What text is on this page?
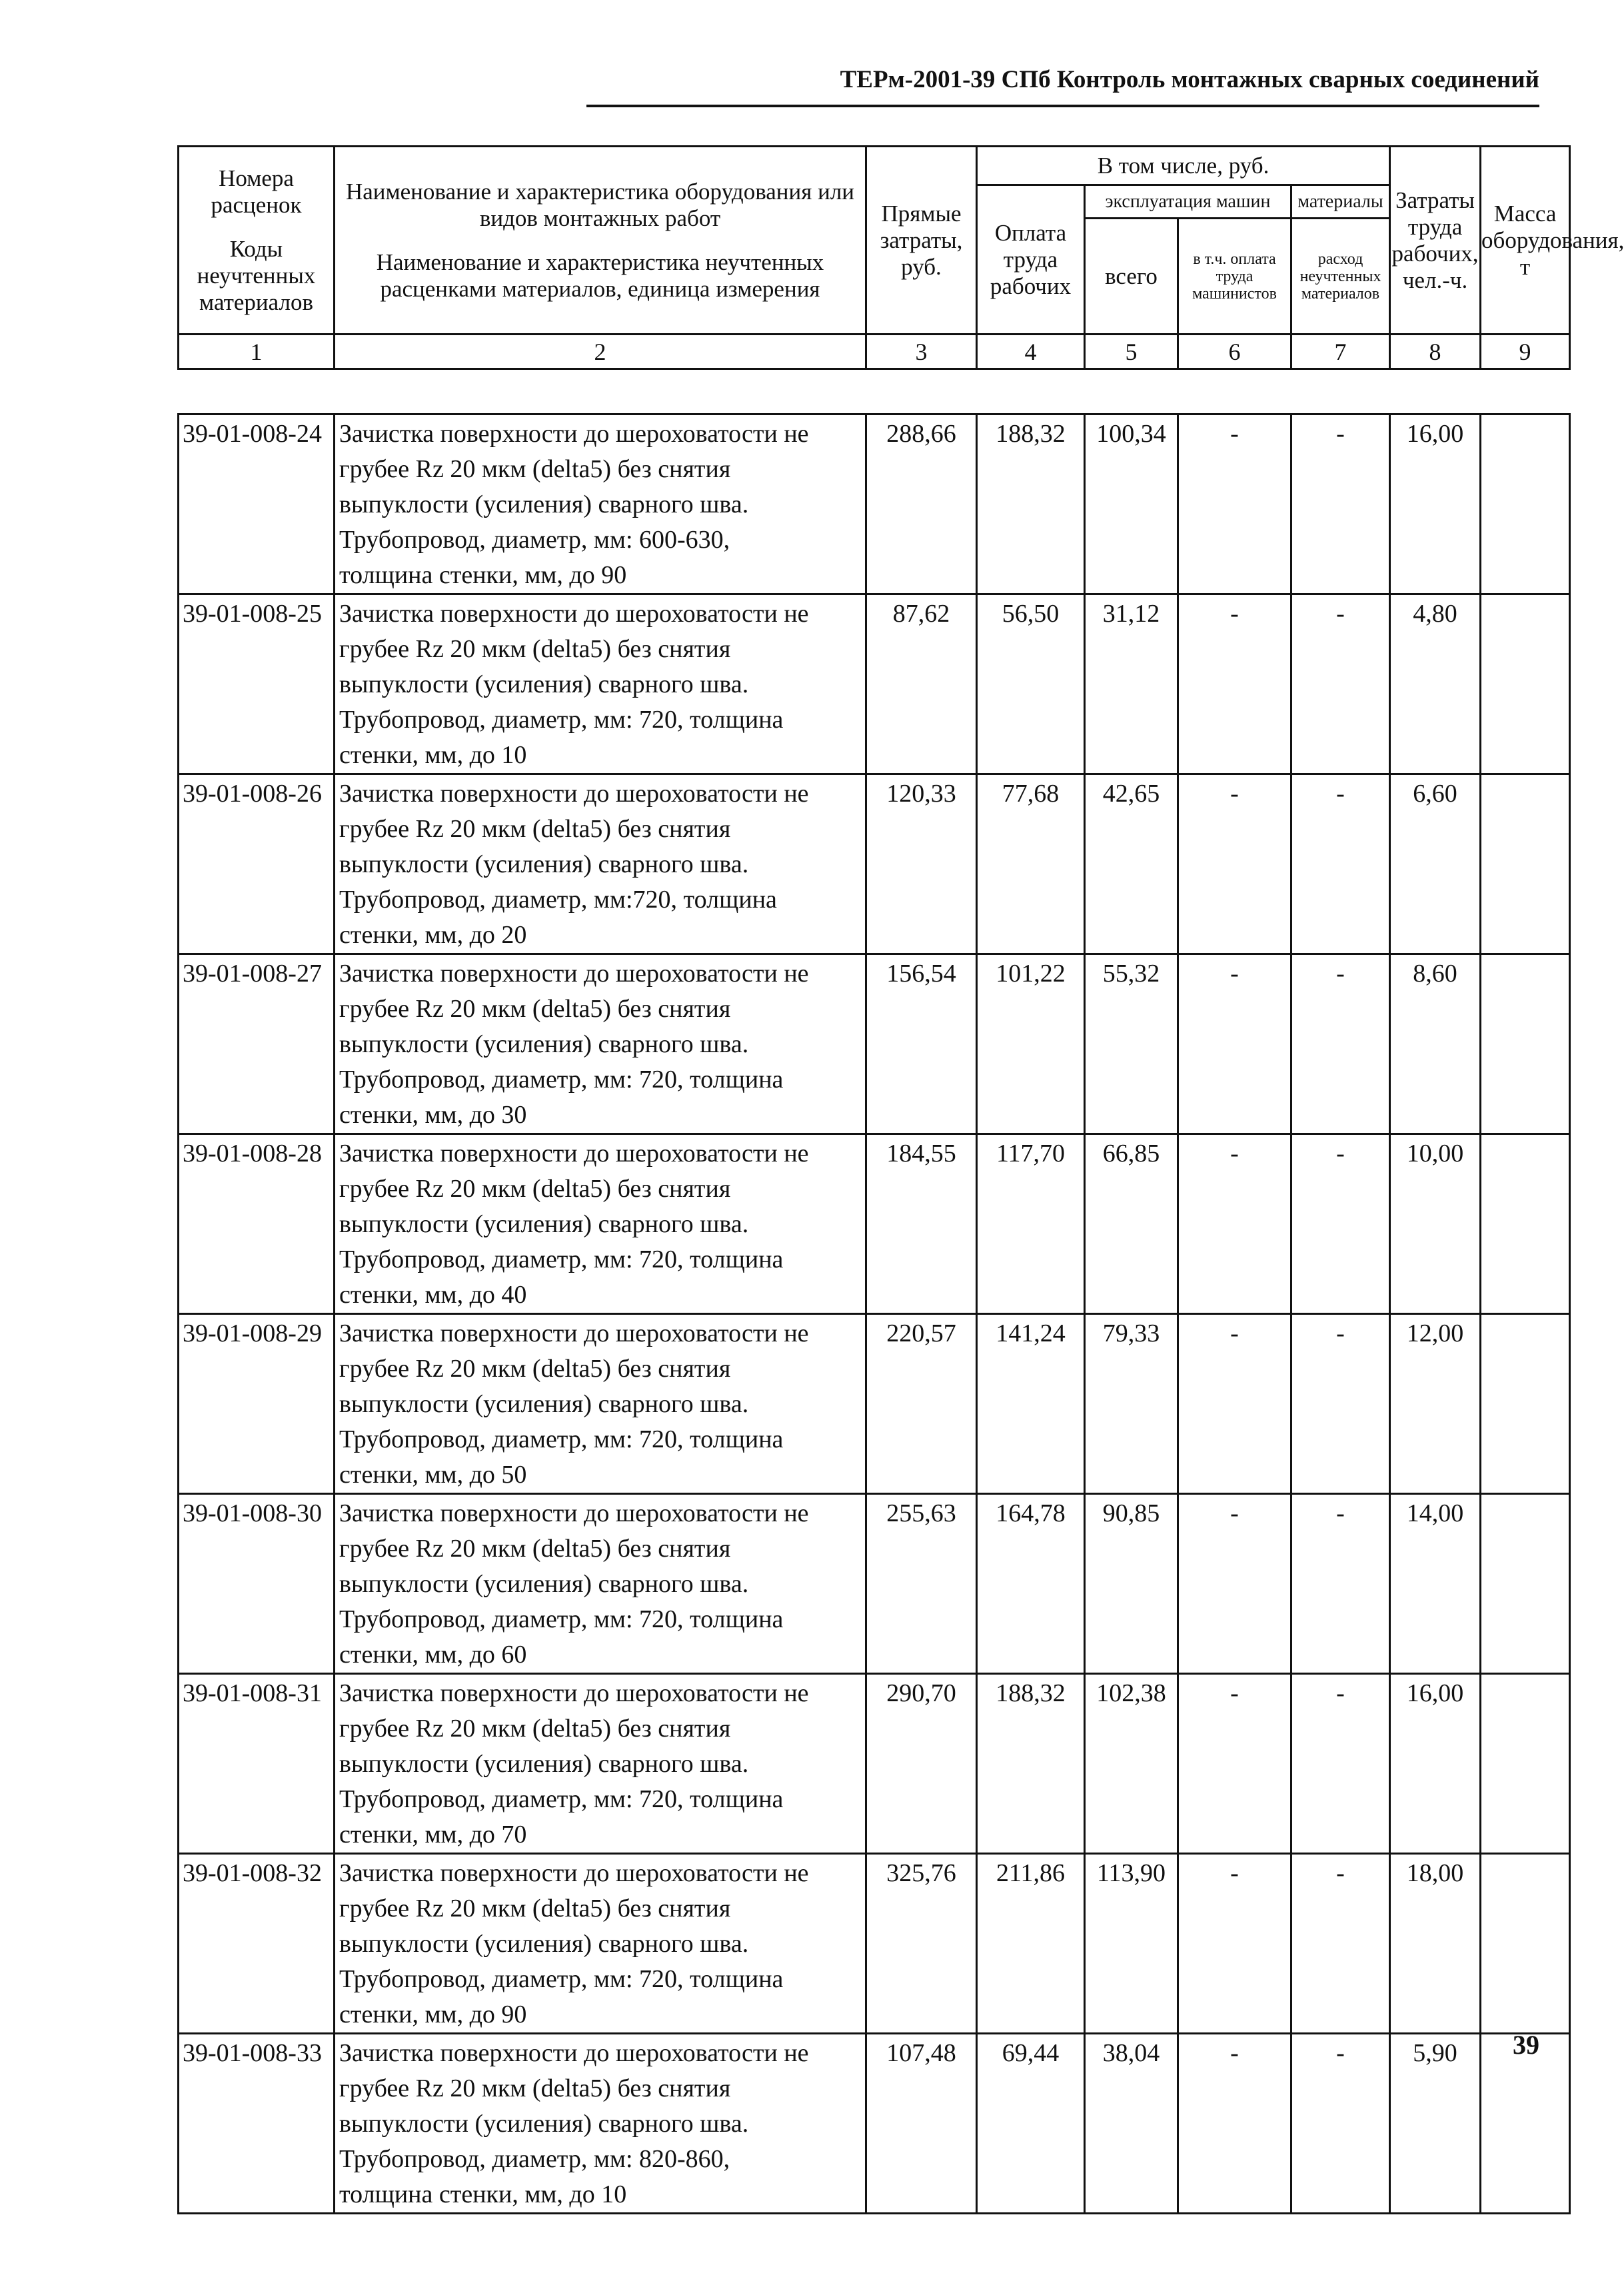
ТЕРм-2001-39 СПб Контроль монтажных сварных соединений
Номера расценок
Коды неучтенных материалов	Наименование и характеристика оборудования или видов монтажных работ
Наименование и характеристика неучтенных расценками материалов, единица измерения	Прямые затраты, руб.	В том числе, руб.				Затраты труда рабочих, чел.-ч.	Масса оборудования, т
			Оплата труда рабочих	эксплуатация машин		материалы		
				всего	в т.ч. оплата труда машинистов	расход неучтенных материалов		
1	2	3	4	5	6	7	8	9
39-01-008-24	Зачистка поверхности до шероховатости не
грубее Rz 20 мкм (delta5) без снятия
выпуклости (усиления) сварного шва.
Трубопровод, диаметр, мм: 600-630,
толщина стенки, мм, до 90	288,66	188,32	100,34	-	-	16,00	
39-01-008-25	Зачистка поверхности до шероховатости не
грубее Rz 20 мкм (delta5) без снятия
выпуклости (усиления) сварного шва.
Трубопровод, диаметр, мм: 720, толщина
стенки, мм, до 10	87,62	56,50	31,12	-	-	4,80	
39-01-008-26	Зачистка поверхности до шероховатости не
грубее Rz 20 мкм (delta5) без снятия
выпуклости (усиления) сварного шва.
Трубопровод, диаметр, мм:720, толщина
стенки, мм, до 20	120,33	77,68	42,65	-	-	6,60	
39-01-008-27	Зачистка поверхности до шероховатости не
грубее Rz 20 мкм (delta5) без снятия
выпуклости (усиления) сварного шва.
Трубопровод, диаметр, мм: 720, толщина
стенки, мм, до 30	156,54	101,22	55,32	-	-	8,60	
39-01-008-28	Зачистка поверхности до шероховатости не
грубее Rz 20 мкм (delta5) без снятия
выпуклости (усиления) сварного шва.
Трубопровод, диаметр, мм: 720, толщина
стенки, мм, до 40	184,55	117,70	66,85	-	-	10,00	
39-01-008-29	Зачистка поверхности до шероховатости не
грубее Rz 20 мкм (delta5) без снятия
выпуклости (усиления) сварного шва.
Трубопровод, диаметр, мм: 720, толщина
стенки, мм, до 50	220,57	141,24	79,33	-	-	12,00	
39-01-008-30	Зачистка поверхности до шероховатости не
грубее Rz 20 мкм (delta5) без снятия
выпуклости (усиления) сварного шва.
Трубопровод, диаметр, мм: 720, толщина
стенки, мм, до 60	255,63	164,78	90,85	-	-	14,00	
39-01-008-31	Зачистка поверхности до шероховатости не
грубее Rz 20 мкм (delta5) без снятия
выпуклости (усиления) сварного шва.
Трубопровод, диаметр, мм: 720, толщина
стенки, мм, до 70	290,70	188,32	102,38	-	-	16,00	
39-01-008-32	Зачистка поверхности до шероховатости не
грубее Rz 20 мкм (delta5) без снятия
выпуклости (усиления) сварного шва.
Трубопровод, диаметр, мм: 720, толщина
стенки, мм, до 90	325,76	211,86	113,90	-	-	18,00	
39-01-008-33	Зачистка поверхности до шероховатости не
грубее Rz 20 мкм (delta5) без снятия
выпуклости (усиления) сварного шва.
Трубопровод, диаметр, мм: 820-860,
толщина стенки, мм, до 10	107,48	69,44	38,04	-	-	5,90		39
